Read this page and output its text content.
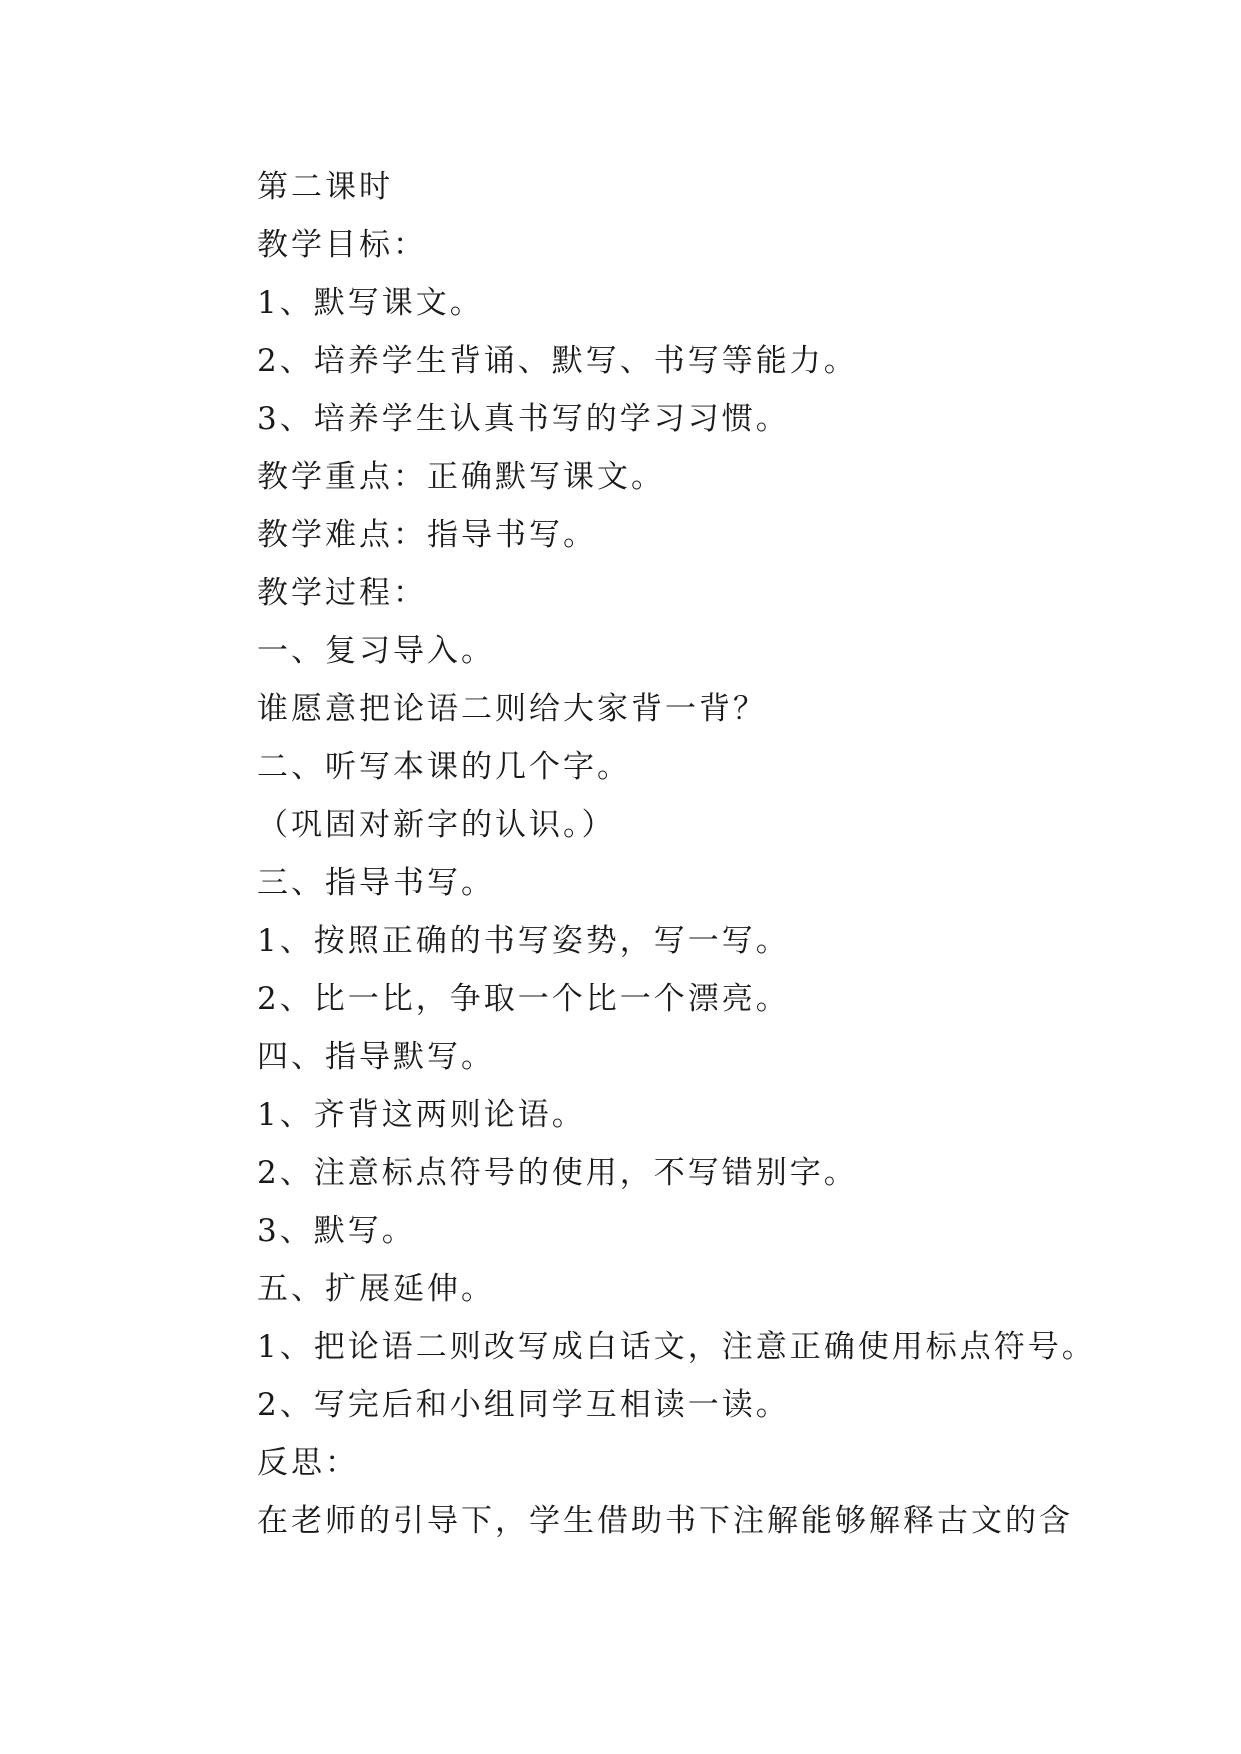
第二课时
教学目标：
1、默写课文。
2、培养学生背诵、默写、书写等能力。
3、培养学生认真书写的学习习惯。
教学重点：正确默写课文。
教学难点：指导书写。
教学过程：
一、复习导入。
谁愿意把论语二则给大家背一背？
二、听写本课的几个字。
（巩固对新字的认识。）
三、指导书写。
1、按照正确的书写姿势，写一写。
2、比一比，争取一个比一个漂亮。
四、指导默写。
1、齐背这两则论语。
2、注意标点符号的使用，不写错别字。
3、默写。
五、扩展延伸。
1、把论语二则改写成白话文，注意正确使用标点符号。
2、写完后和小组同学互相读一读。
反思：
在老师的引导下，学生借助书下注解能够解释古文的含
